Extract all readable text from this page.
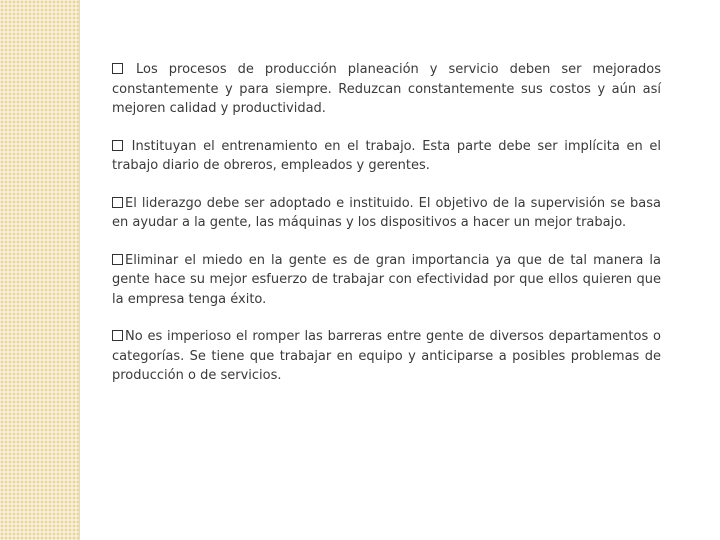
Los procesos de producción planeación y servicio deben ser mejorados constantemente y para siempre. Reduzcan constantemente sus costos y aún así mejoren calidad y productividad.

Instituyan el entrenamiento en el trabajo. Esta parte debe ser implícita en el trabajo diario de obreros, empleados y gerentes.

El liderazgo debe ser adoptado e instituido. El objetivo de la supervisión se basa en ayudar a la gente, las máquinas y los dispositivos a hacer un mejor trabajo.

Eliminar el miedo en la gente es de gran importancia ya que de tal manera la gente hace su mejor esfuerzo de trabajar con efectividad por que ellos quieren que la empresa tenga éxito.

No es imperioso el romper las barreras entre gente de diversos departamentos o categorías. Se tiene que trabajar en equipo y anticiparse a posibles problemas de producción o de servicios.
